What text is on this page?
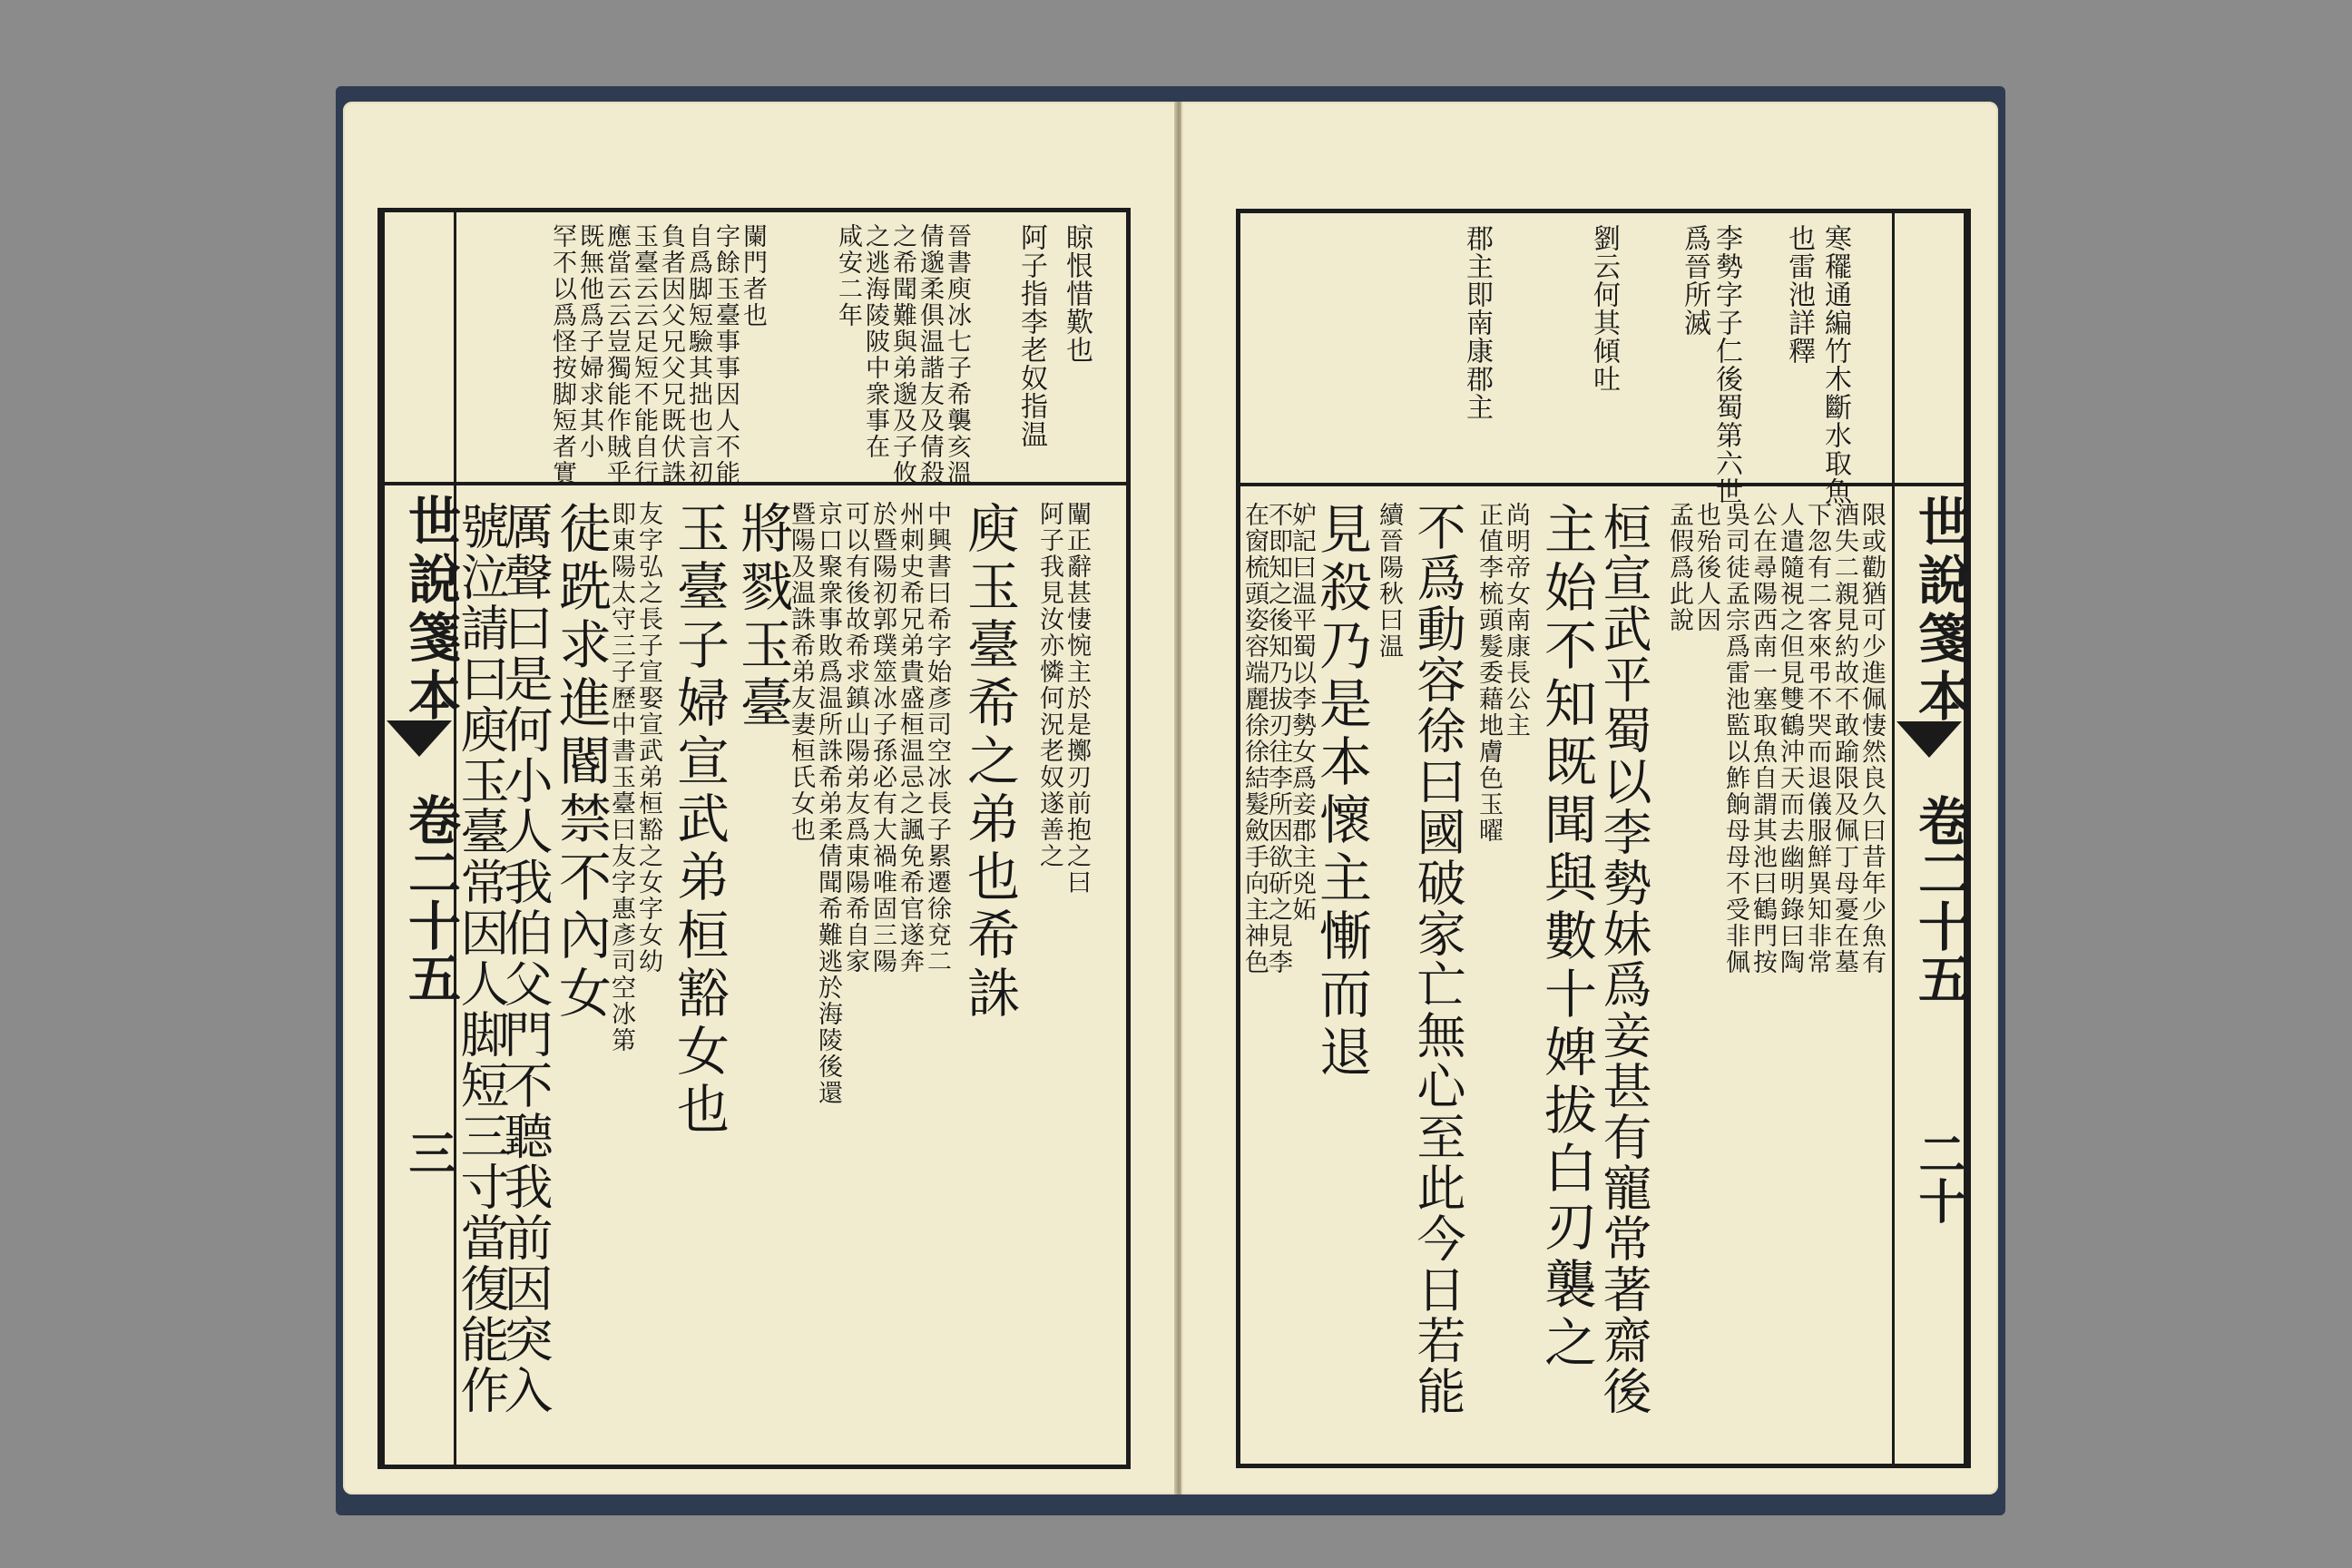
世說箋本
卷二十五
三
䁁恨惜歎也
阿子指李老奴指温
晉書庾冰七子希襲亥溫
倩邈柔俱温諧友及倩殺
之希聞難與弟邈及子攸
之逃海陵陂中衆事在
咸安二年
闌門者也
字餘玉臺事事因人不能
自爲脚短驗其拙也言初
負者因父兄父兄既伏誅
玉臺云云足短不能自行
應當云云豈獨能作賊乎
既無他爲子婦求其小
罕不以爲怪按脚短者實
闡正辭甚悽惋主於是擲刃前抱之曰
阿子我見汝亦憐何況老奴遂善之
庾玉臺希之弟也希誅
中興書曰希字始彥司空冰長子累遷徐兗二
州刺史希兄弟貴盛桓温忌之諷免希官遂奔
於暨陽初郭璞筮冰子孫必有大禍唯固三陽
可以有後故希求鎮山陽弟友爲東陽希自家
京口聚衆事敗爲温所誅希弟柔倩聞希難逃於海陵後還
暨陽及温誅希弟友妻桓氏女也
將戮玉臺
玉臺子婦宣武弟桓豁女也
友字弘之長子宣娶宣武弟桓豁之女字女幼
即東陽太守三子歷中書玉臺曰友字惠彥司空冰第
徒跣求進閽禁不內女
厲聲曰是何小人我伯父門不聽我前因突入
號泣請曰庾玉臺常因人脚短三寸當復能作	世說箋本
卷二十五
二十
寒䆉通編竹木斷水取魚
也雷池詳釋
李勢字子仁後蜀第六世
爲晉所滅
劉云何其傾吐
郡主即南康郡主
限或勸猶可少進佩悽然良久曰昔年少魚有
酒失二親見約故不敢踰限及佩丁母憂在墓
下忽有二客來弔不哭而退儀服鮮異知非常
人遣隨視之但見雙鶴沖天而去幽明錄曰陶
公在尋陽西南一塞取魚自謂其池曰鶴門按
吳司徒孟宗爲雷池監以鮓餉母母不受非佩
也殆後人因
孟假爲此說
桓宣武平蜀以李勢妹爲妾甚有寵常著齋後
主始不知既聞與數十婢拔白刃襲之
尚明帝女南康長公主
正值李梳頭髮委藉地膚色玉曜
不爲動容徐曰國破家亡無心至此今日若能
續晉陽秋曰温
見殺乃是本懷主慚而退
妒記曰温平蜀以李勢女爲妾郡主兇妬
不即知之後知乃拔刃往李所因欲斫之見李
在窗梳頭姿容端麗徐徐結髮斂手向主神色
